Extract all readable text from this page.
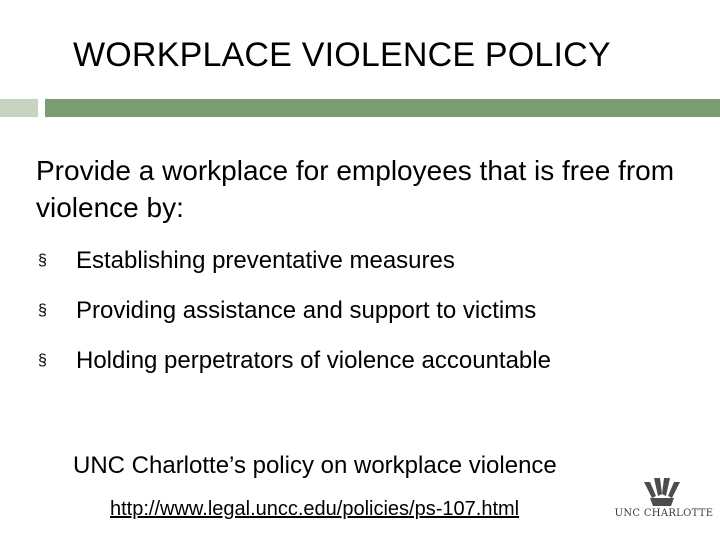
WORKPLACE VIOLENCE POLICY
Provide a workplace for employees that is free from violence by:
§	Establishing preventative measures
§	Providing assistance and support to victims
§	Holding perpetrators of violence accountable
UNC Charlotte’s policy on workplace violence
http://www.legal.uncc.edu/policies/ps-107.html	UNC CHARLOTTE
